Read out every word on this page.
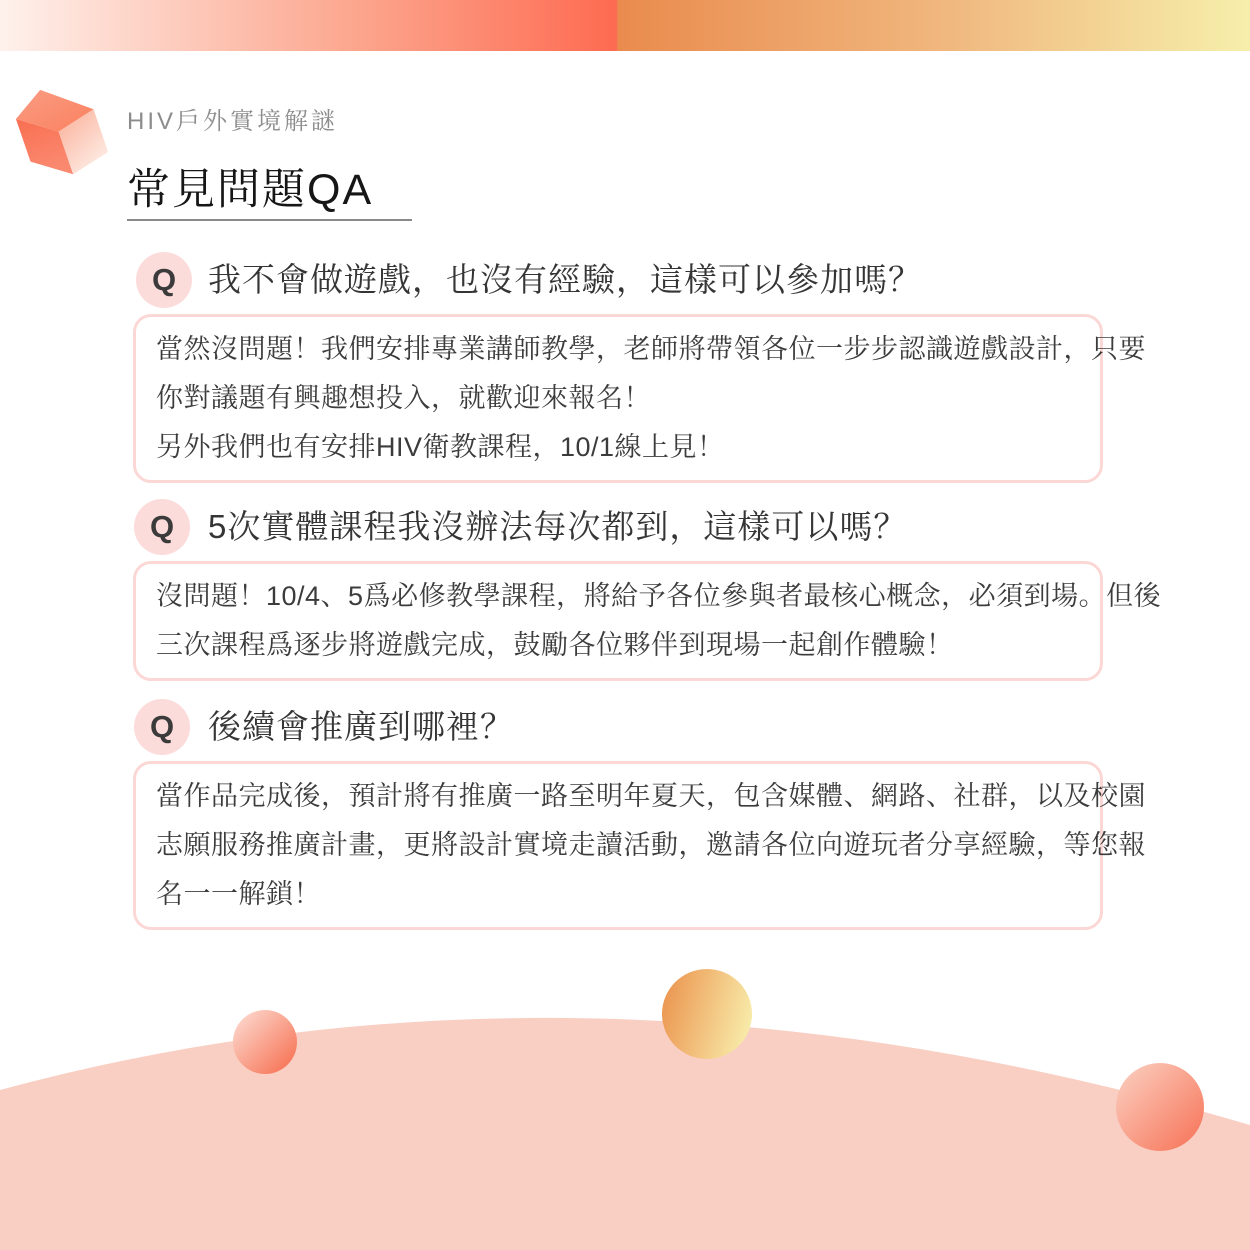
HIV戶外實境解謎
常見問題QA
Q 我不會做遊戲，也沒有經驗，這樣可以參加嗎？
當然沒問題！我們安排專業講師教學，老師將帶領各位一步步認識遊戲設計，只要
你對議題有興趣想投入，就歡迎來報名！
另外我們也有安排HIV衛教課程，10/1線上見！
Q	5次實體課程我沒辦法每次都到，這樣可以嗎？
沒問題！10/4、5爲必修教學課程，將給予各位參與者最核心概念，必須到場。但後
三次課程爲逐步將遊戲完成，鼓勵各位夥伴到現場一起創作體驗！
Q	後續會推廣到哪裡？
當作品完成後，預計將有推廣一路至明年夏天，包含媒體、網路、社群，以及校園
志願服務推廣計畫，更將設計實境走讀活動，邀請各位向遊玩者分享經驗，等您報
名一一解鎖！
